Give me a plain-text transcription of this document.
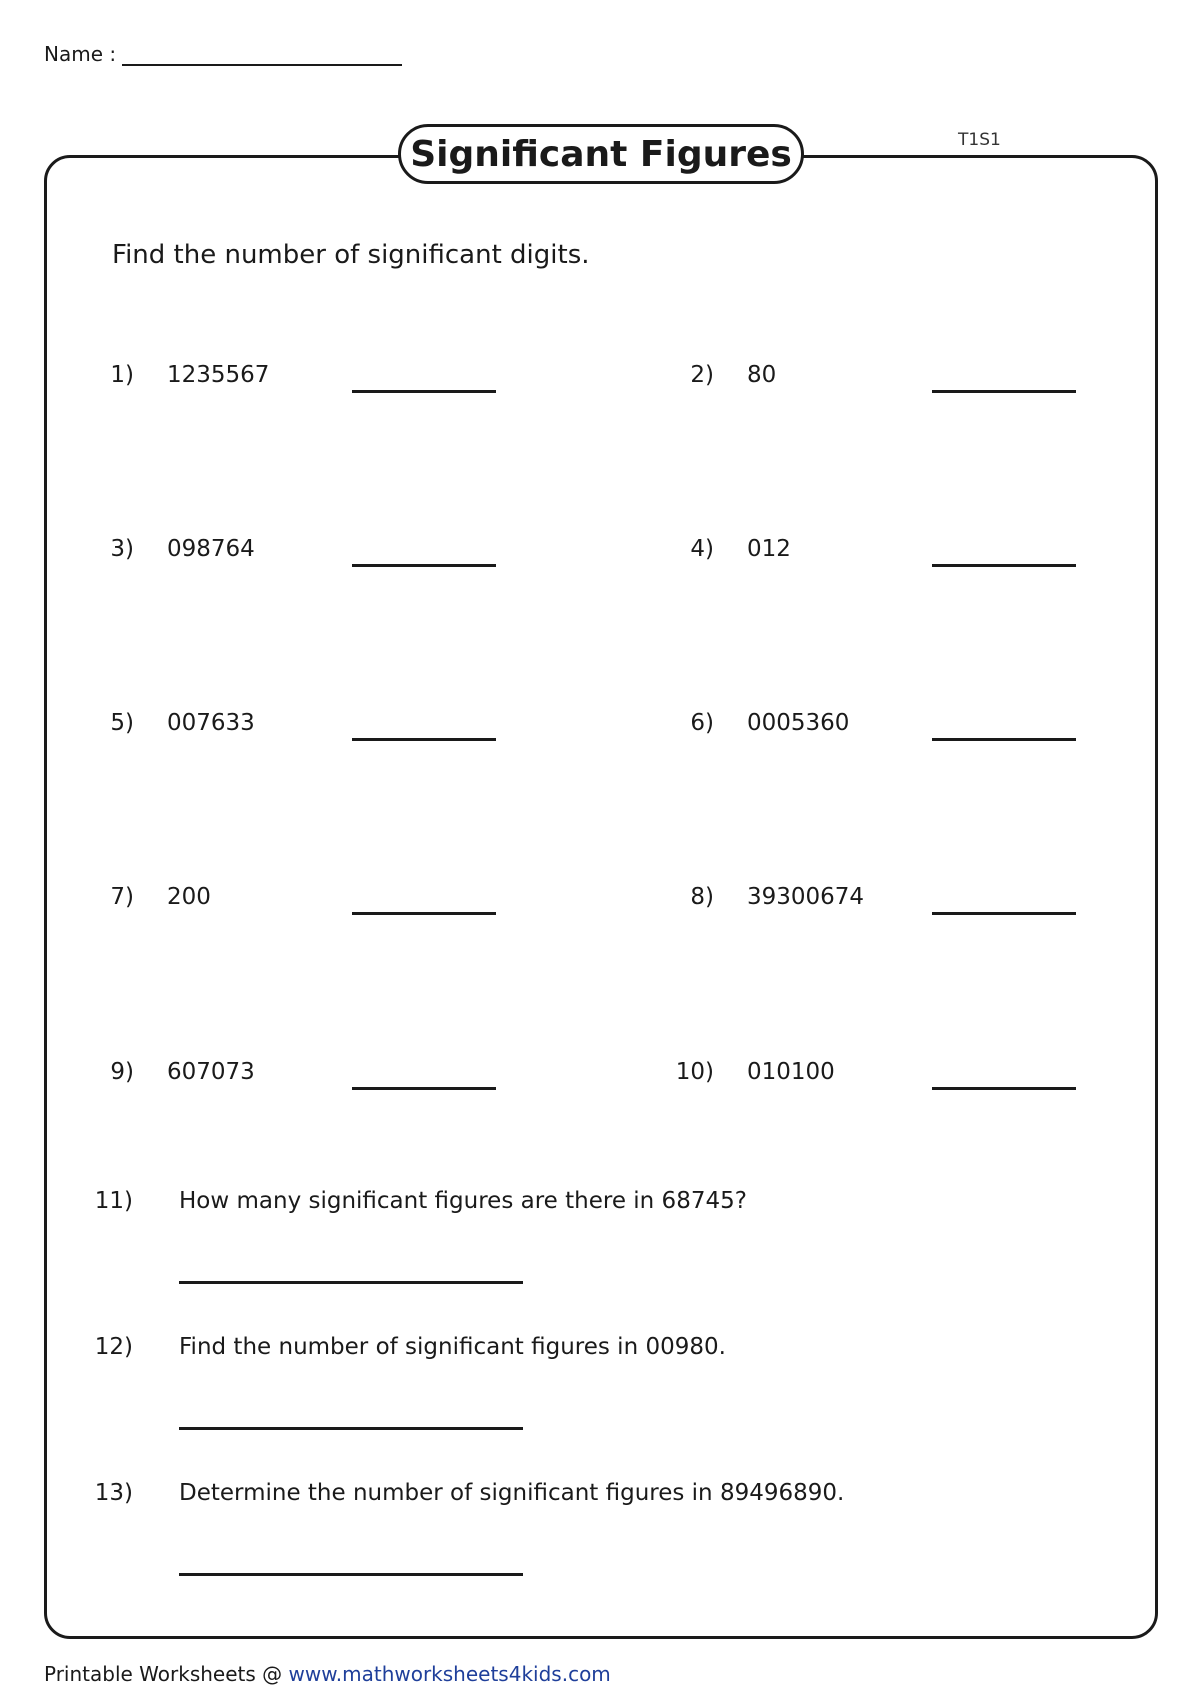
Name :
T1S1
Significant Figures
Find the number of significant digits.
1) 1235567	2) 80
3) 098764	4) 012
5) 007633	6) 0005360
7) 200	8) 39300674
9) 607073	10) 010100
11) How many significant figures are there in 68745?
12) Find the number of significant figures in 00980.
13) Determine the number of significant figures in 89496890.
Printable Worksheets @ www.mathworksheets4kids.com
